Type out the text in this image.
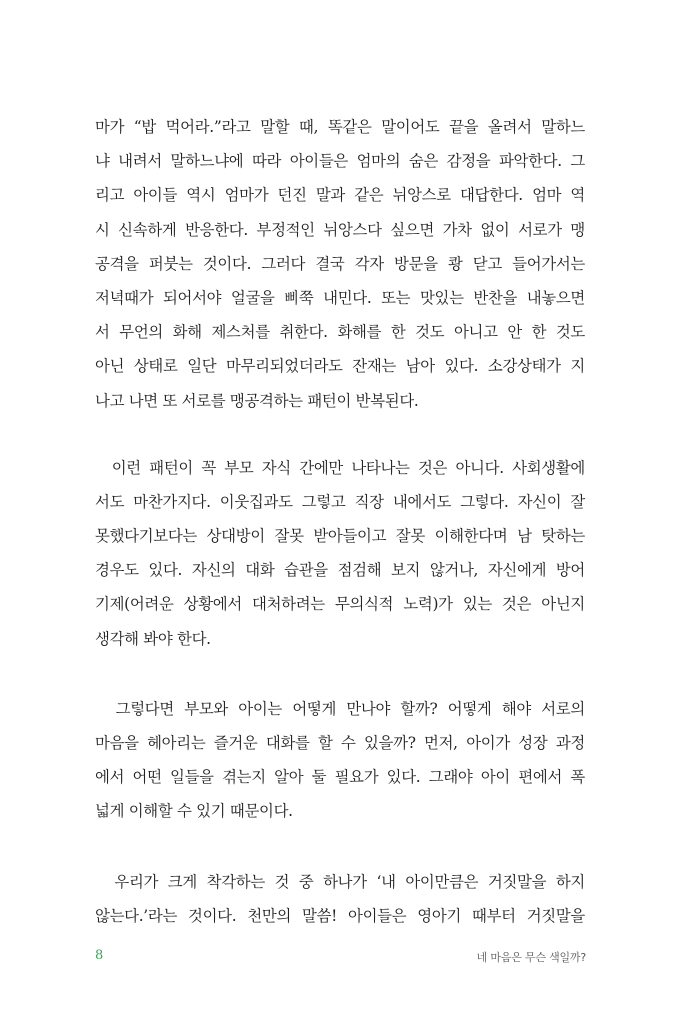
마가 “밥 먹어라.”라고 말할 때, 똑같은 말이어도 끝을 올려서 말하느
냐 내려서 말하느냐에 따라 아이들은 엄마의 숨은 감정을 파악한다. 그
리고 아이들 역시 엄마가 던진 말과 같은 뉘앙스로 대답한다. 엄마 역
시 신속하게 반응한다. 부정적인 뉘앙스다 싶으면 가차 없이 서로가 맹
공격을 퍼붓는 것이다. 그러다 결국 각자 방문을 쾅 닫고 들어가서는
저녁때가 되어서야 얼굴을 삐쭉 내민다. 또는 맛있는 반찬을 내놓으면
서 무언의 화해 제스처를 취한다. 화해를 한 것도 아니고 안 한 것도
아닌 상태로 일단 마무리되었더라도 잔재는 남아 있다. 소강상태가 지
나고 나면 또 서로를 맹공격하는 패턴이 반복된다.
이런 패턴이 꼭 부모 자식 간에만 나타나는 것은 아니다. 사회생활에
서도 마찬가지다. 이웃집과도 그렇고 직장 내에서도 그렇다. 자신이 잘
못했다기보다는 상대방이 잘못 받아들이고 잘못 이해한다며 남 탓하는
경우도 있다. 자신의 대화 습관을 점검해 보지 않거나, 자신에게 방어
기제(어려운 상황에서 대처하려는 무의식적 노력)가 있는 것은 아닌지
생각해 봐야 한다.
그렇다면 부모와 아이는 어떻게 만나야 할까? 어떻게 해야 서로의
마음을 헤아리는 즐거운 대화를 할 수 있을까? 먼저, 아이가 성장 과정
에서 어떤 일들을 겪는지 알아 둘 필요가 있다. 그래야 아이 편에서 폭
넓게 이해할 수 있기 때문이다.
우리가 크게 착각하는 것 중 하나가 ‘내 아이만큼은 거짓말을 하지
않는다.’라는 것이다. 천만의 말씀! 아이들은 영아기 때부터 거짓말을
8	네 마음은 무슨 색일까?
